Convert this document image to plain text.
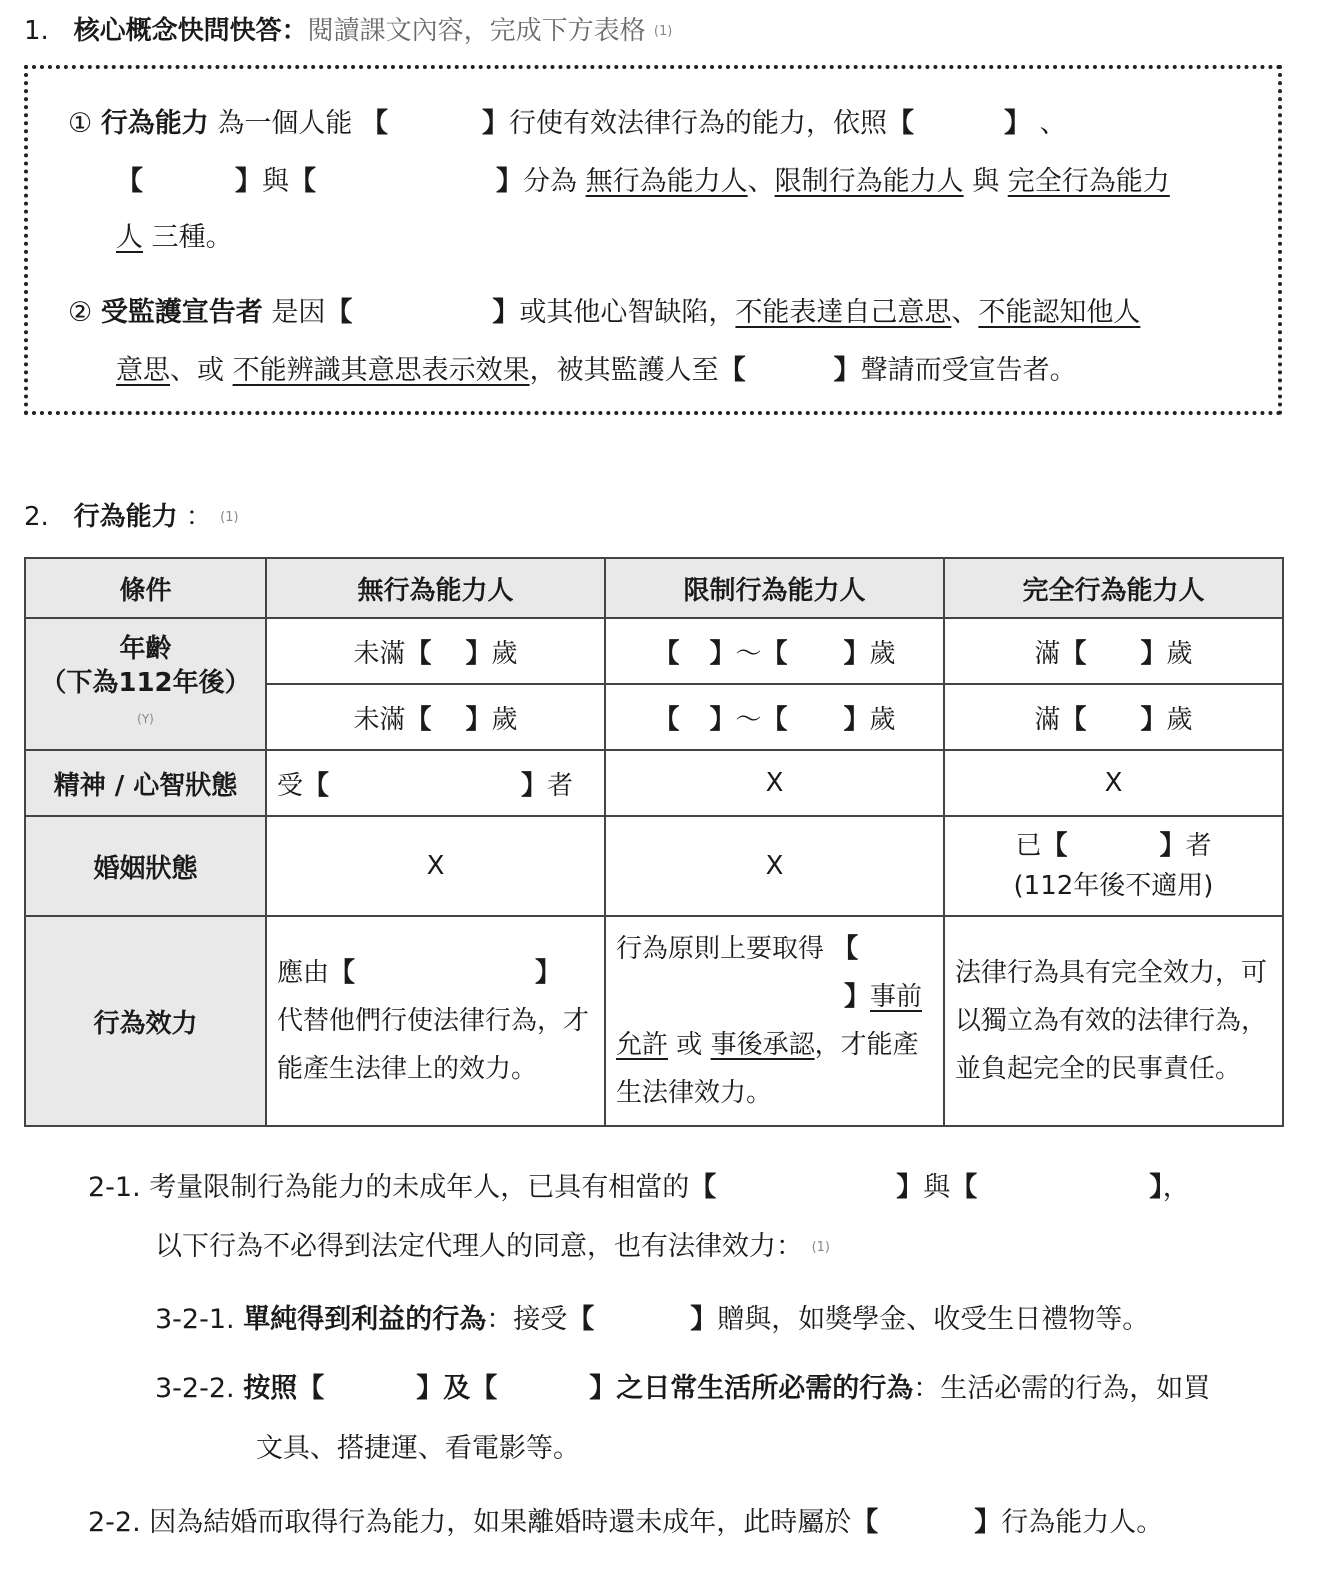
1. 核心概念快問快答：閱讀課文內容，完成下方表格 (1)
① 行為能力 為一個人能 【	】行使有效法律行為的能力，依照【	】 、
【	】與【	】分為 無行為能力人、限制行為能力人 與 完全行為能力
人 三種。
② 受監護宣告者 是因【	】或其他心智缺陷，不能表達自己意思、不能認知他人
意思、或 不能辨識其意思表示效果，被其監護人至【	】聲請而受宣告者。
2. 行為能力 ： (1)
條件	無行為能力人	限制行為能力人	完全行為能力人
年齡
（下為112年後）
(Y)	未滿【 】歲	【 】～【 】歲	滿【 】歲
	未滿【 】歲	【 】～【 】歲	滿【 】歲
精神 / 心智狀態	受【 】者	X	X
婚姻狀態	X	X	已【 】者
(112年後不適用)
行為效力	應由【 】 代替他們行使法律行為，才能產生法律上的效力。	行為原則上要取得 【】事前允許 或 事後承認，才能產生法律效力。	法律行為具有完全效力，可以獨立為有效的法律行為，並負起完全的民事責任。
2-1. 考量限制行為能力的未成年人，已具有相當的【	】與【	】，
以下行為不必得到法定代理人的同意，也有法律效力： (1)
3-2-1. 單純得到利益的行為：接受【	】贈與，如獎學金、收受生日禮物等。
3-2-2. 按照【	】及【	】之日常生活所必需的行為：生活必需的行為，如買
文具、搭捷運、看電影等。
2-2. 因為結婚而取得行為能力，如果離婚時還未成年，此時屬於【	】行為能力人。
